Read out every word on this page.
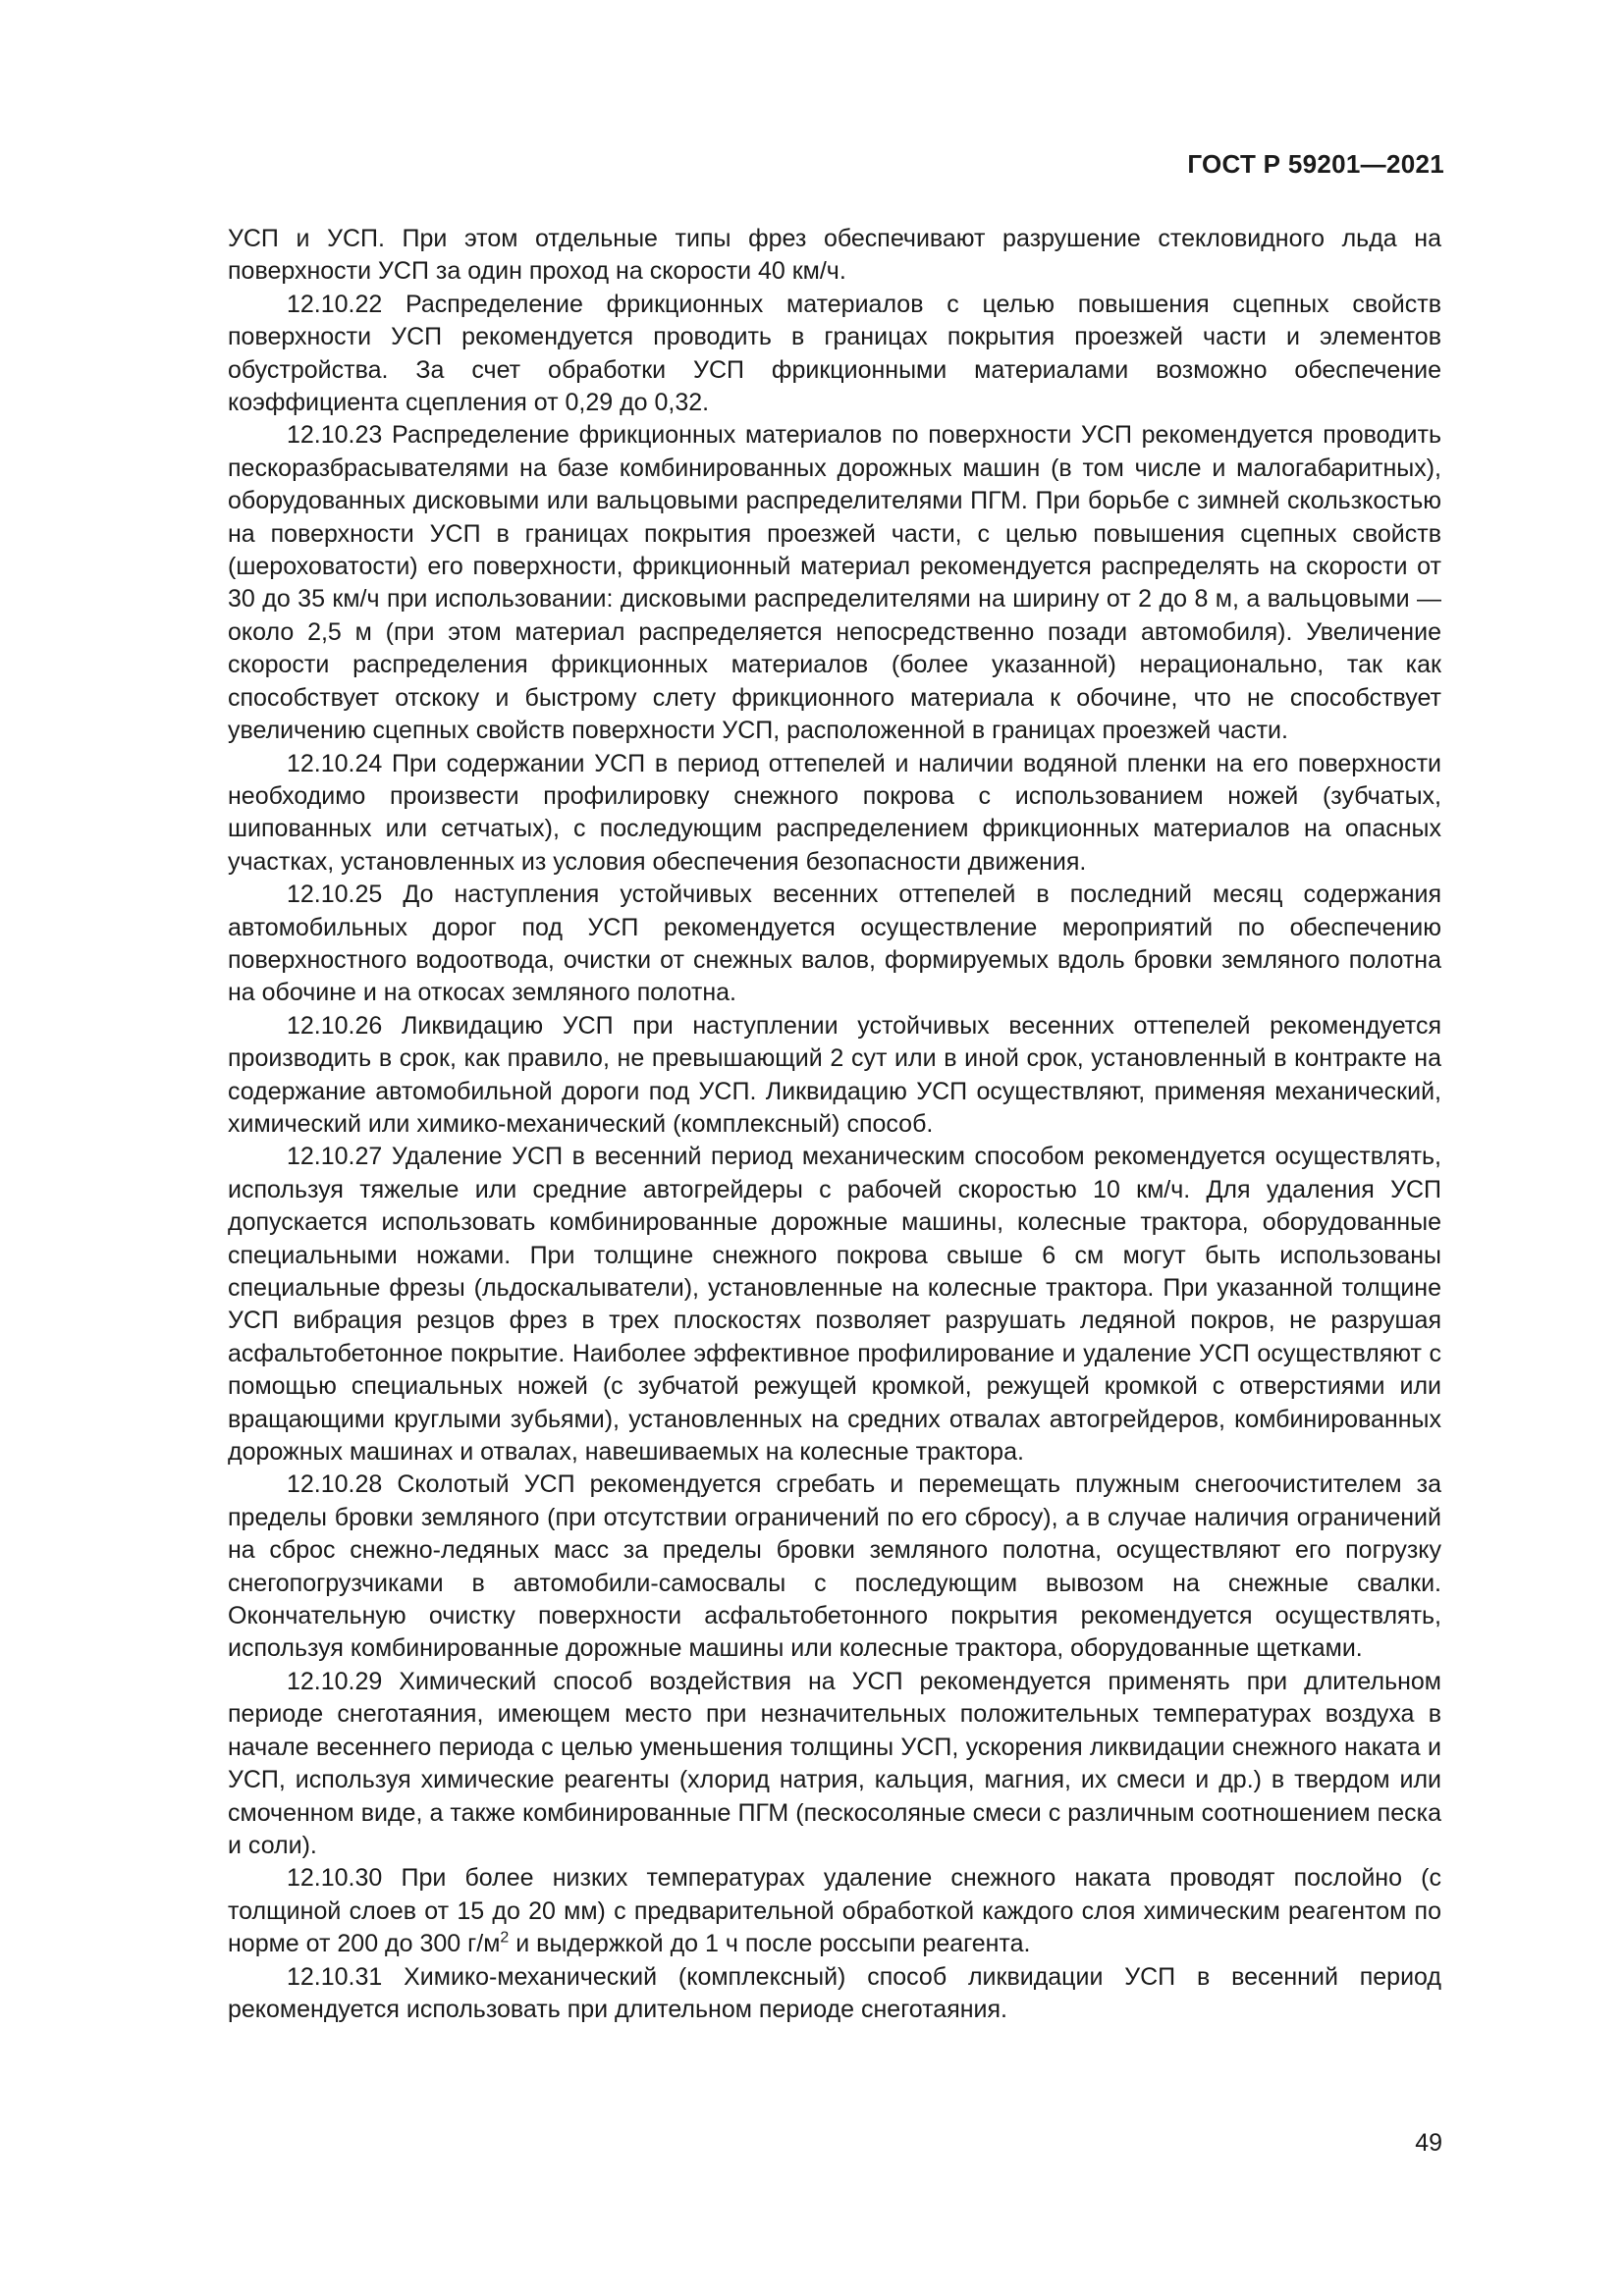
ГОСТ Р 59201—2021

УСП и УСП. При этом отдельные типы фрез обеспечивают разрушение стекловидного льда на поверхности УСП за один проход на скорости 40 км/ч.

12.10.22 Распределение фрикционных материалов с целью повышения сцепных свойств поверхности УСП рекомендуется проводить в границах покрытия проезжей части и элементов обустройства. За счет обработки УСП фрикционными материалами возможно обеспечение коэффициента сцепления от 0,29 до 0,32.

12.10.23 Распределение фрикционных материалов по поверхности УСП рекомендуется проводить пескоразбрасывателями на базе комбинированных дорожных машин (в том числе и малогабаритных), оборудованных дисковыми или вальцовыми распределителями ПГМ. При борьбе с зимней скользкостью на поверхности УСП в границах покрытия проезжей части, с целью повышения сцепных свойств (шероховатости) его поверхности, фрикционный материал рекомендуется распределять на скорости от 30 до 35 км/ч при использовании: дисковыми распределителями на ширину от 2 до 8 м, а вальцовыми — около 2,5 м (при этом материал распределяется непосредственно позади автомобиля). Увеличение скорости распределения фрикционных материалов (более указанной) нерационально, так как способствует отскоку и быстрому слету фрикционного материала к обочине, что не способствует увеличению сцепных свойств поверхности УСП, расположенной в границах проезжей части.

12.10.24 При содержании УСП в период оттепелей и наличии водяной пленки на его поверхности необходимо произвести профилировку снежного покрова с использованием ножей (зубчатых, шипованных или сетчатых), с последующим распределением фрикционных материалов на опасных участках, установленных из условия обеспечения безопасности движения.

12.10.25 До наступления устойчивых весенних оттепелей в последний месяц содержания автомобильных дорог под УСП рекомендуется осуществление мероприятий по обеспечению поверхностного водоотвода, очистки от снежных валов, формируемых вдоль бровки земляного полотна на обочине и на откосах земляного полотна.

12.10.26 Ликвидацию УСП при наступлении устойчивых весенних оттепелей рекомендуется производить в срок, как правило, не превышающий 2 сут или в иной срок, установленный в контракте на содержание автомобильной дороги под УСП. Ликвидацию УСП осуществляют, применяя механический, химический или химико-механический (комплексный) способ.

12.10.27 Удаление УСП в весенний период механическим способом рекомендуется осуществлять, используя тяжелые или средние автогрейдеры с рабочей скоростью 10 км/ч. Для удаления УСП допускается использовать комбинированные дорожные машины, колесные трактора, оборудованные специальными ножами. При толщине снежного покрова свыше 6 см могут быть использованы специальные фрезы (льдоскалыватели), установленные на колесные трактора. При указанной толщине УСП вибрация резцов фрез в трех плоскостях позволяет разрушать ледяной покров, не разрушая асфальтобетонное покрытие. Наиболее эффективное профилирование и удаление УСП осуществляют с помощью специальных ножей (с зубчатой режущей кромкой, режущей кромкой с отверстиями или вращающими круглыми зубьями), установленных на средних отвалах автогрейдеров, комбинированных дорожных машинах и отвалах, навешиваемых на колесные трактора.

12.10.28 Сколотый УСП рекомендуется сгребать и перемещать плужным снегоочистителем за пределы бровки земляного (при отсутствии ограничений по его сбросу), а в случае наличия ограничений на сброс снежно-ледяных масс за пределы бровки земляного полотна, осуществляют его погрузку снегопогрузчиками в автомобили-самосвалы с последующим вывозом на снежные свалки. Окончательную очистку поверхности асфальтобетонного покрытия рекомендуется осуществлять, используя комбинированные дорожные машины или колесные трактора, оборудованные щетками.

12.10.29 Химический способ воздействия на УСП рекомендуется применять при длительном периоде снеготаяния, имеющем место при незначительных положительных температурах воздуха в начале весеннего периода с целью уменьшения толщины УСП, ускорения ликвидации снежного наката и УСП, используя химические реагенты (хлорид натрия, кальция, магния, их смеси и др.) в твердом или смоченном виде, а также комбинированные ПГМ (пескосоляные смеси с различным соотношением песка и соли).

12.10.30 При более низких температурах удаление снежного наката проводят послойно (с толщиной слоев от 15 до 20 мм) с предварительной обработкой каждого слоя химическим реагентом по норме от 200 до 300 $г/м^2$ и выдержкой до 1 ч после россыпи реагента.

12.10.31 Химико-механический (комплексный) способ ликвидации УСП в весенний период рекомендуется использовать при длительном периоде снеготаяния.

49
